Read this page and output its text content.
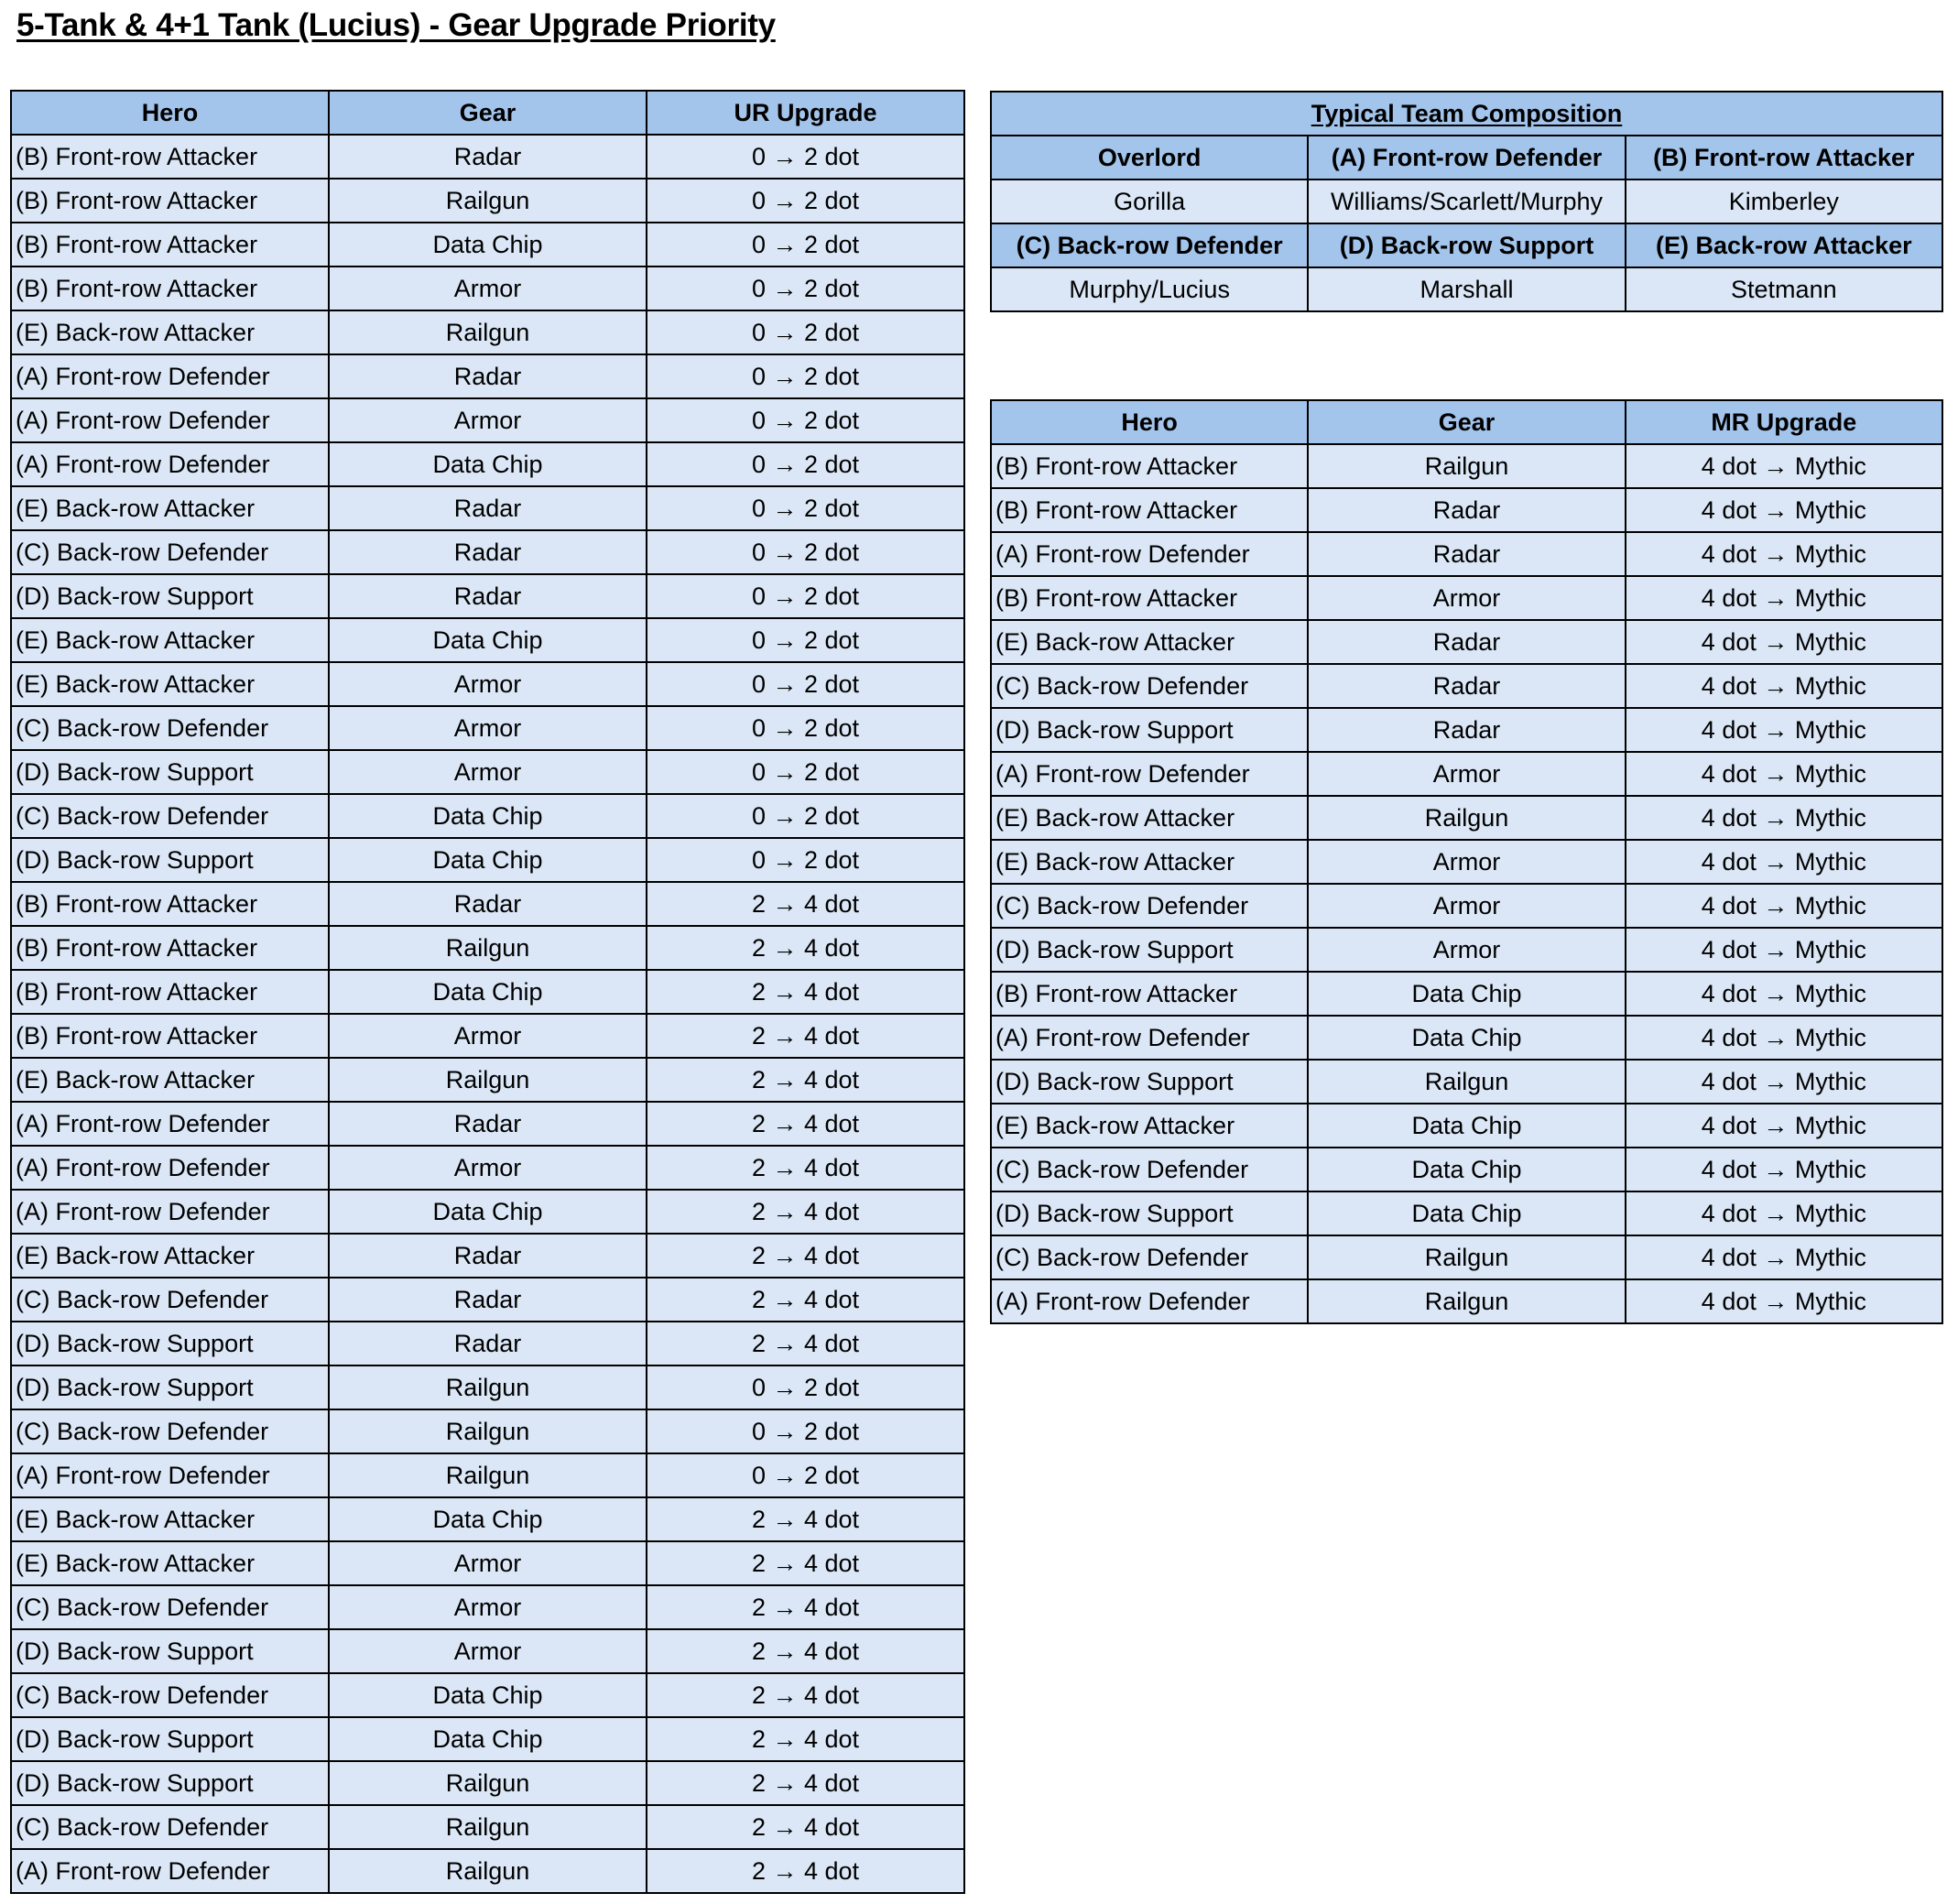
5-Tank & 4+1 Tank (Lucius) - Gear Upgrade Priority
Hero	Gear	UR Upgrade
(B) Front-row Attacker	Radar	0 → 2 dot
(B) Front-row Attacker	Railgun	0 → 2 dot
(B) Front-row Attacker	Data Chip	0 → 2 dot
(B) Front-row Attacker	Armor	0 → 2 dot
(E) Back-row Attacker	Railgun	0 → 2 dot
(A) Front-row Defender	Radar	0 → 2 dot
(A) Front-row Defender	Armor	0 → 2 dot
(A) Front-row Defender	Data Chip	0 → 2 dot
(E) Back-row Attacker	Radar	0 → 2 dot
(C) Back-row Defender	Radar	0 → 2 dot
(D) Back-row Support	Radar	0 → 2 dot
(E) Back-row Attacker	Data Chip	0 → 2 dot
(E) Back-row Attacker	Armor	0 → 2 dot
(C) Back-row Defender	Armor	0 → 2 dot
(D) Back-row Support	Armor	0 → 2 dot
(C) Back-row Defender	Data Chip	0 → 2 dot
(D) Back-row Support	Data Chip	0 → 2 dot
(B) Front-row Attacker	Radar	2 → 4 dot
(B) Front-row Attacker	Railgun	2 → 4 dot
(B) Front-row Attacker	Data Chip	2 → 4 dot
(B) Front-row Attacker	Armor	2 → 4 dot
(E) Back-row Attacker	Railgun	2 → 4 dot
(A) Front-row Defender	Radar	2 → 4 dot
(A) Front-row Defender	Armor	2 → 4 dot
(A) Front-row Defender	Data Chip	2 → 4 dot
(E) Back-row Attacker	Radar	2 → 4 dot
(C) Back-row Defender	Radar	2 → 4 dot
(D) Back-row Support	Radar	2 → 4 dot
(D) Back-row Support	Railgun	0 → 2 dot
(C) Back-row Defender	Railgun	0 → 2 dot
(A) Front-row Defender	Railgun	0 → 2 dot
(E) Back-row Attacker	Data Chip	2 → 4 dot
(E) Back-row Attacker	Armor	2 → 4 dot
(C) Back-row Defender	Armor	2 → 4 dot
(D) Back-row Support	Armor	2 → 4 dot
(C) Back-row Defender	Data Chip	2 → 4 dot
(D) Back-row Support	Data Chip	2 → 4 dot
(D) Back-row Support	Railgun	2 → 4 dot
(C) Back-row Defender	Railgun	2 → 4 dot
(A) Front-row Defender	Railgun	2 → 4 dot
Typical Team Composition		
Overlord	(A) Front-row Defender	(B) Front-row Attacker
Gorilla	Williams/Scarlett/Murphy	Kimberley
(C) Back-row Defender	(D) Back-row Support	(E) Back-row Attacker
Murphy/Lucius	Marshall	Stetmann
Hero	Gear	MR Upgrade
(B) Front-row Attacker	Railgun	4 dot → Mythic
(B) Front-row Attacker	Radar	4 dot → Mythic
(A) Front-row Defender	Radar	4 dot → Mythic
(B) Front-row Attacker	Armor	4 dot → Mythic
(E) Back-row Attacker	Radar	4 dot → Mythic
(C) Back-row Defender	Radar	4 dot → Mythic
(D) Back-row Support	Radar	4 dot → Mythic
(A) Front-row Defender	Armor	4 dot → Mythic
(E) Back-row Attacker	Railgun	4 dot → Mythic
(E) Back-row Attacker	Armor	4 dot → Mythic
(C) Back-row Defender	Armor	4 dot → Mythic
(D) Back-row Support	Armor	4 dot → Mythic
(B) Front-row Attacker	Data Chip	4 dot → Mythic
(A) Front-row Defender	Data Chip	4 dot → Mythic
(D) Back-row Support	Railgun	4 dot → Mythic
(E) Back-row Attacker	Data Chip	4 dot → Mythic
(C) Back-row Defender	Data Chip	4 dot → Mythic
(D) Back-row Support	Data Chip	4 dot → Mythic
(C) Back-row Defender	Railgun	4 dot → Mythic
(A) Front-row Defender	Railgun	4 dot → Mythic
